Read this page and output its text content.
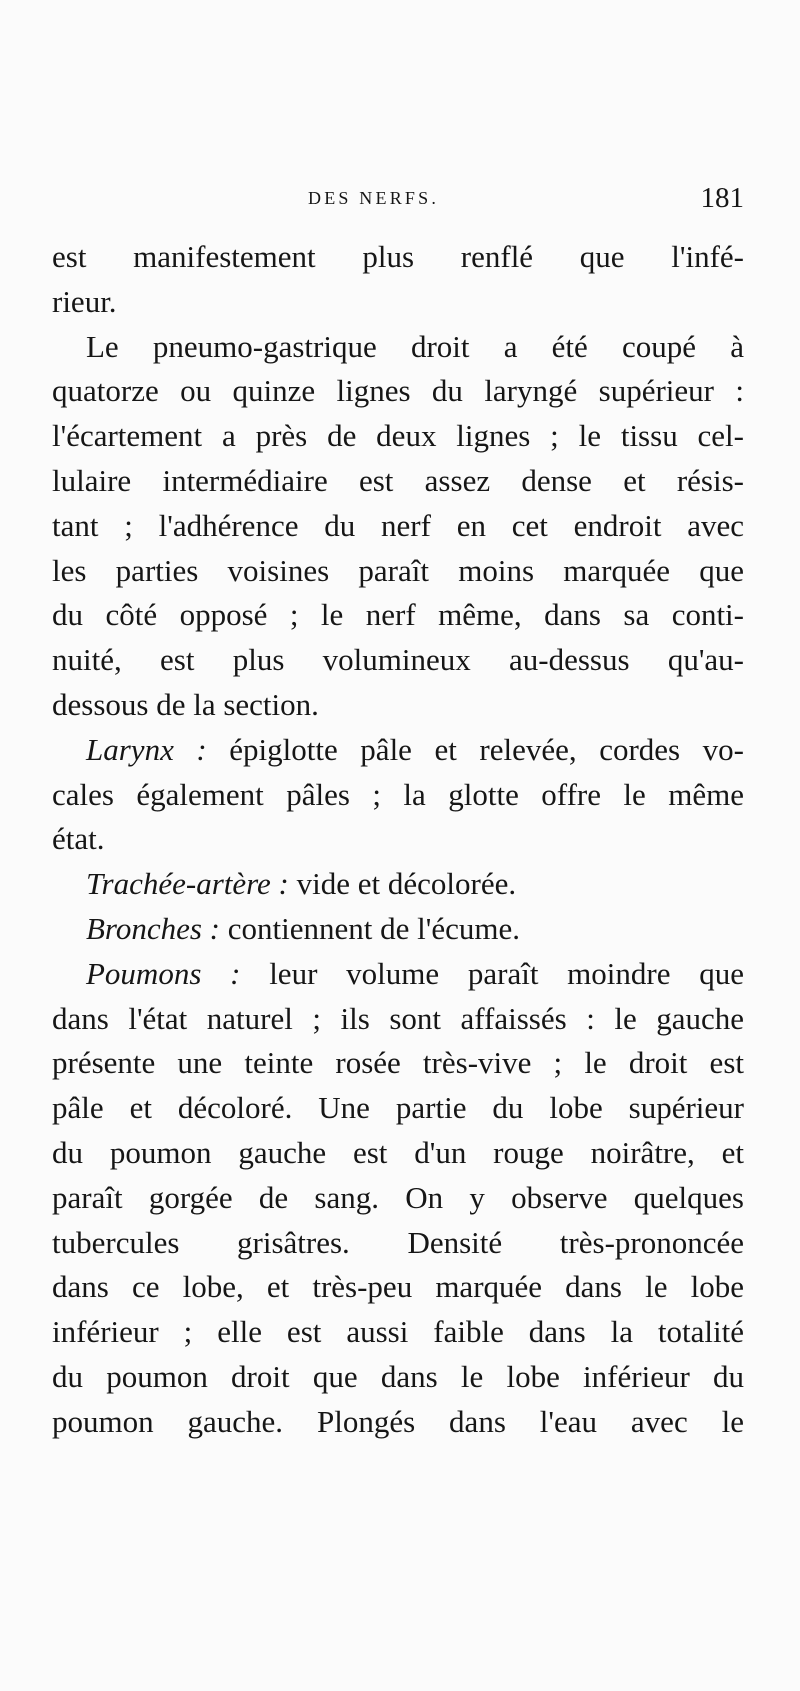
DES NERFS.	181
est manifestement plus renflé que l'infé-
rieur.
Le pneumo-gastrique droit a été coupé à
quatorze ou quinze lignes du laryngé supérieur :
l'écartement a près de deux lignes ; le tissu cel-
lulaire intermédiaire est assez dense et résis-
tant ; l'adhérence du nerf en cet endroit avec
les parties voisines paraît moins marquée que
du côté opposé ; le nerf même, dans sa conti-
nuité, est plus volumineux au-dessus qu'au-
dessous de la section.
Larynx : épiglotte pâle et relevée, cordes vo-
cales également pâles ; la glotte offre le même
état.
Trachée-artère : vide et décolorée.
Bronches : contiennent de l'écume.
Poumons : leur volume paraît moindre que
dans l'état naturel ; ils sont affaissés : le gauche
présente une teinte rosée très-vive ; le droit est
pâle et décoloré. Une partie du lobe supérieur
du poumon gauche est d'un rouge noirâtre, et
paraît gorgée de sang. On y observe quelques
tubercules grisâtres. Densité très-prononcée
dans ce lobe, et très-peu marquée dans le lobe
inférieur ; elle est aussi faible dans la totalité
du poumon droit que dans le lobe inférieur du
poumon gauche. Plongés dans l'eau avec le
